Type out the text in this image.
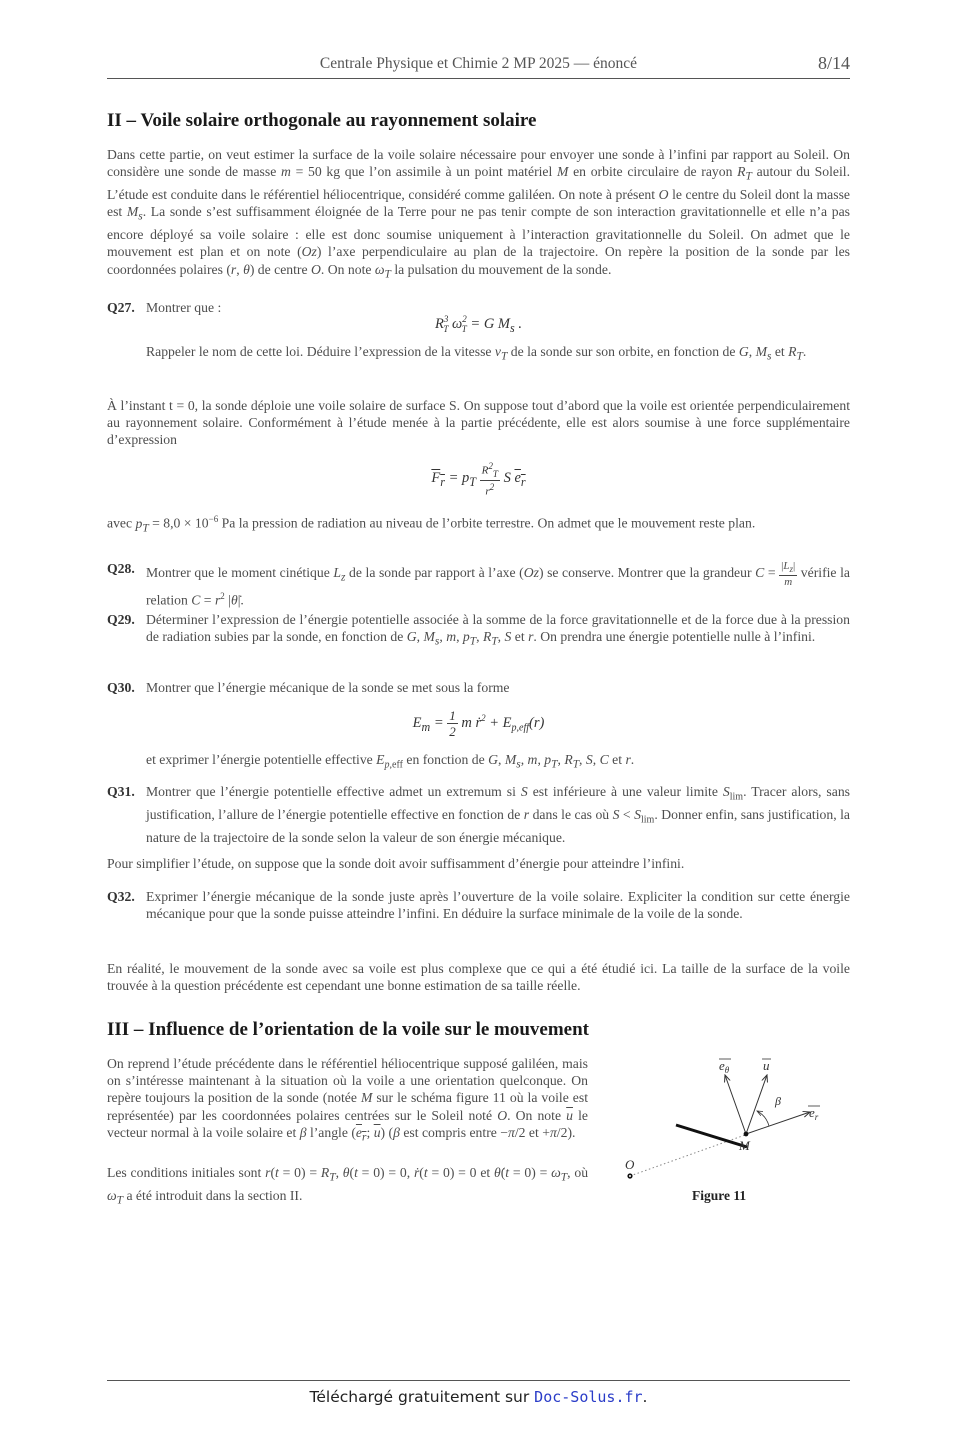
Centrale Physique et Chimie 2 MP 2025 — énoncé	8/14
II – Voile solaire orthogonale au rayonnement solaire

Dans cette partie, on veut estimer la surface de la voile solaire nécessaire pour envoyer une sonde à l’infini par rapport au Soleil. On considère une sonde de masse m = 50 kg que l’on assimile à un point matériel M en orbite circulaire de rayon $R_T$ autour du Soleil. L’étude est conduite dans le référentiel héliocentrique, considéré comme galiléen. On note à présent O le centre du Soleil dont la masse est $M_s$. La sonde s’est suffisamment éloignée de la Terre pour ne pas tenir compte de son interaction gravitationnelle et elle n’a pas encore déployé sa voile solaire : elle est donc soumise uniquement à l’interaction gravitationnelle du Soleil. On admet que le mouvement est plan et on note (Oz) l’axe perpendiculaire au plan de la trajectoire. On repère la position de la sonde par les coordonnées polaires (r, θ) de centre O. On note $\omega_T$ la pulsation du mouvement de la sonde.

Q27. Montrer que :
$R^3_T$ $\omega^2_T = G$ $M_s$ .
Rappeler le nom de cette loi. Déduire l’expression de la vitesse $v_T$ de la sonde sur son orbite, en fonction de G, $M_s$ et $R_T$.

À l’instant t = 0, la sonde déploie une voile solaire de surface S. On suppose tout d’abord que la voile est orientée perpendiculairement au rayonnement solaire. Conformément à l’étude menée à la partie précédente, elle est alors soumise à une force supplémentaire d’expression

$F_r = p_T \frac{R^2_T}{r^2}$ S $e_r$

avec $p_T = 8,0 \times 10^{-6}$ Pa la pression de radiation au niveau de l’orbite terrestre. On admet que le mouvement reste plan.

Q28. Montrer que le moment cinétique $L_z$ de la sonde par rapport à l’axe (Oz) se conserve. Montrer que la grandeur $C = \frac{|L_z|}{m}$ vérifie la relation $C = r^2$ |θ̇|.
Q29. Déterminer l’expression de l’énergie potentielle associée à la somme de la force gravitationnelle et de la force due à la pression de radiation subies par la sonde, en fonction de G, $M_s$, m, $p_T$, $R_T$, S et r. On prendra une énergie potentielle nulle à l’infini.
Q30. Montrer que l’énergie mécanique de la sonde se met sous la forme
$E_m = \frac{1}{2}$ m ṙ$^2$ + $E_{p,eff}(r)$
et exprimer l’énergie potentielle effective $E_{p,eff}$ en fonction de G, $M_s$, m, $p_T$, $R_T$, S, C et r.
Q31. Montrer que l’énergie potentielle effective admet un extremum si S est inférieure à une valeur limite $S_{lim}$. Tracer alors, sans justification, l’allure de l’énergie potentielle effective en fonction de r dans le cas où $S < S_{lim}$. Donner enfin, sans justification, la nature de la trajectoire de la sonde selon la valeur de son énergie mécanique.

Pour simplifier l’étude, on suppose que la sonde doit avoir suffisamment d’énergie pour atteindre l’infini.

Q32. Exprimer l’énergie mécanique de la sonde juste après l’ouverture de la voile solaire. Expliciter la condition sur cette énergie mécanique pour que la sonde puisse atteindre l’infini. En déduire la surface minimale de la voile de la sonde.

En réalité, le mouvement de la sonde avec sa voile est plus complexe que ce qui a été étudié ici. La taille de la surface de la voile trouvée à la question précédente est cependant une bonne estimation de sa taille réelle.

III – Influence de l’orientation de la voile sur le mouvement

On reprend l’étude précédente dans le référentiel héliocentrique supposé galiléen, mais on s’intéresse maintenant à la situation où la voile a une orientation quelconque. On repère toujours la position de la sonde (notée M sur le schéma figure 11 où la voile est représentée) par les coordonnées polaires centrées sur le Soleil noté O. On note $\overline{u}$ le vecteur normal à la voile solaire et β l’angle ($e_r$; $\overline{u}$) (β est compris entre −π/2 et +π/2).

Les conditions initiales sont $r(t = 0) = R_T$, θ(t = 0) = 0, ṙ(t = 0) = 0 et θ̇(t = $0) = \omega_T$, où $\omega_T$ a été introduit dans la section II.

O
M
$e_\theta$	u
$e_r$
β
Figure 11
Téléchargé gratuitement sur Doc-Solus.fr.
